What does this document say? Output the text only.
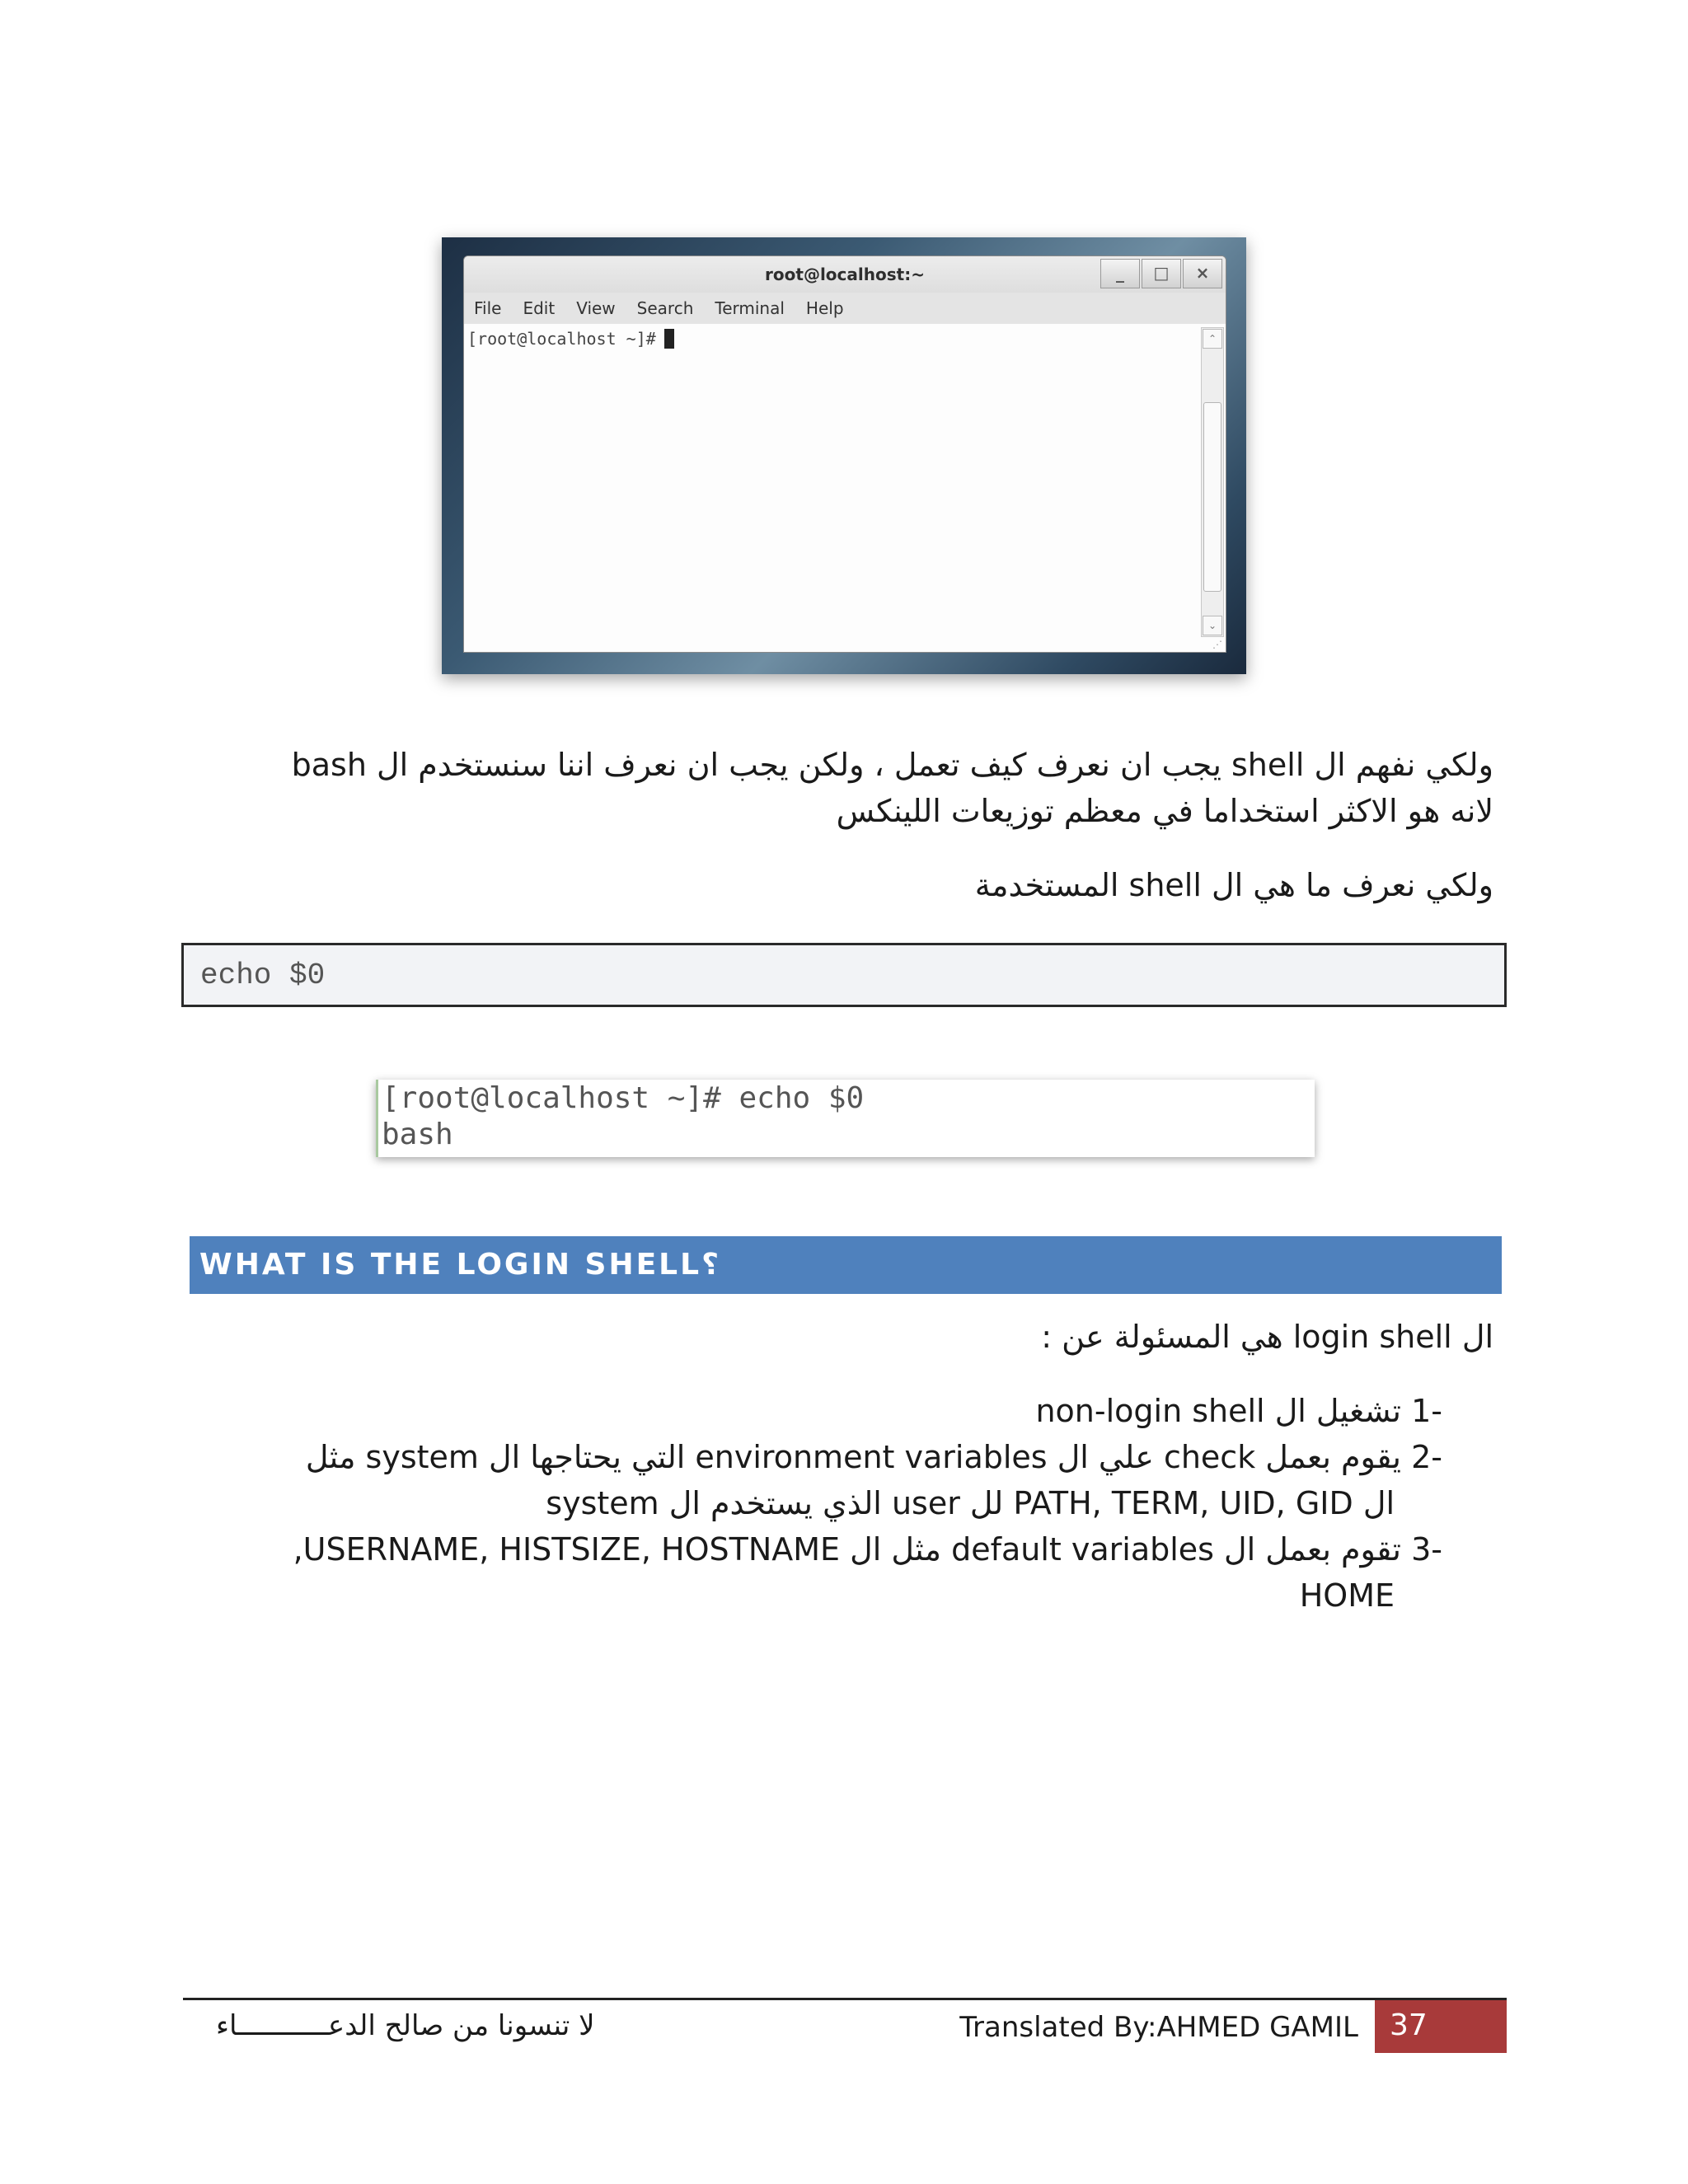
root@localhost:~	_	□	×
File Edit View Search Terminal Help
[root@localhost ~]#	⌃
⌄
⋰
ولكي نفهم ال shell يجب ان نعرف كيف تعمل ، ولكن يجب ان نعرف اننا سنستخدم ال bash
لانه هو الاكثر استخداما في معظم توزيعات اللينكس
ولكي نعرف ما هي ال shell المستخدمة
echo $0
[root@localhost ~]# echo $0
bash
WHAT IS THE LOGIN SHELL؟
ال login shell هي المسئولة عن :
-1 تشغيل ال non-login shell
-2 يقوم بعمل check علي ال environment variables التي يحتاجها ال system مثل
ال PATH, TERM, UID, GID لل user الذي يستخدم ال system
-3 تقوم بعمل ال default variables مثل ال USERNAME, HISTSIZE, HOSTNAME,
HOME
لا تنسونا من صالح الدعـــــــــــاء	Translated By:AHMED GAMIL 37
